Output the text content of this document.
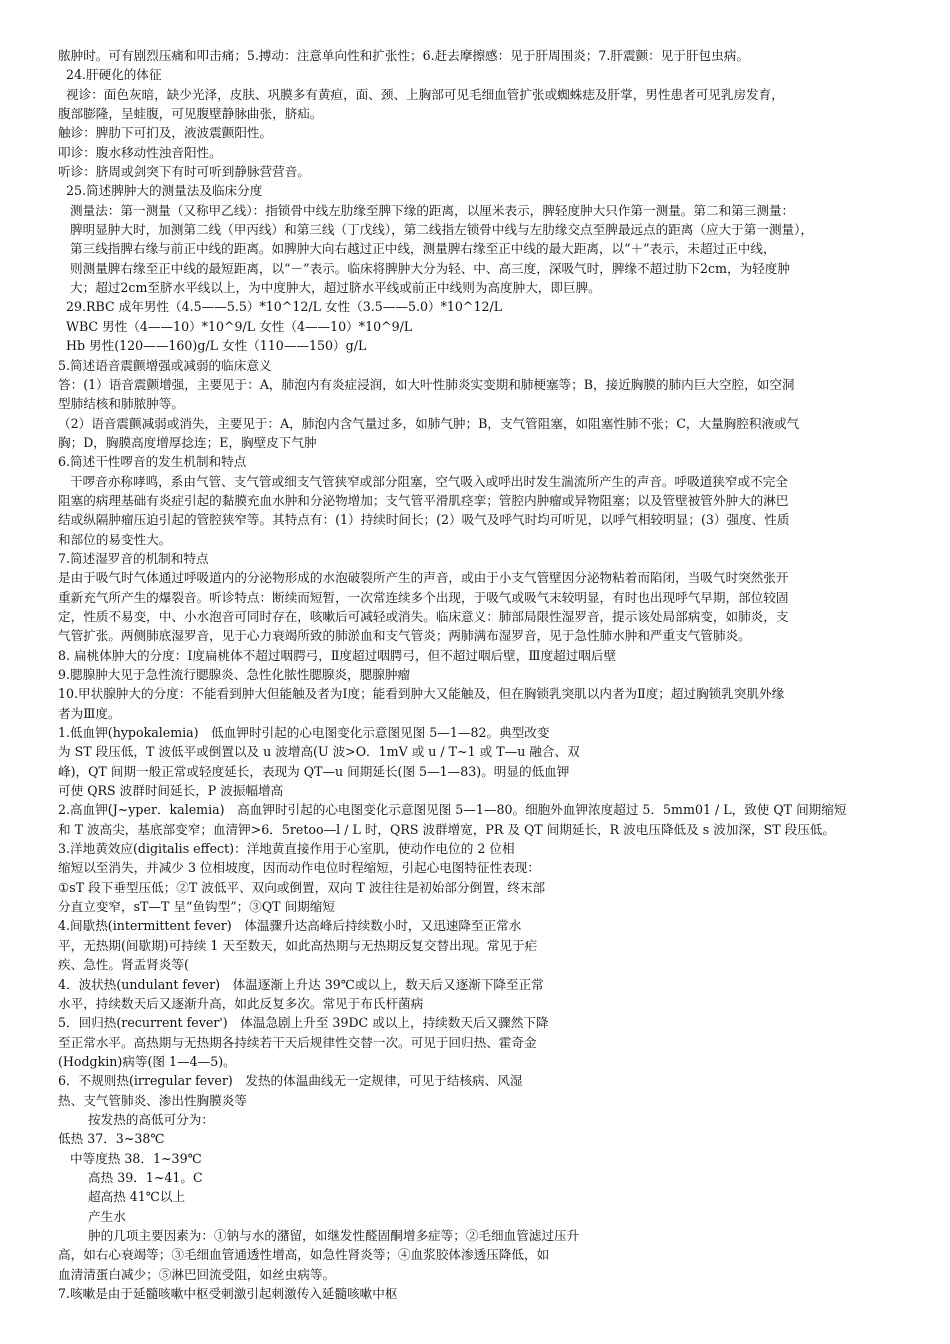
脓肿时。可有剧烈压痛和叩击痛；5.搏动：注意单向性和扩张性；6.赶去摩擦感：见于肝周围炎；7.肝震颤：见于肝包虫病。
24.肝硬化的体征
视诊：面色灰暗，缺少光泽，皮肤、巩膜多有黄疸，面、颈、上胸部可见毛细血管扩张或蜘蛛痣及肝掌，男性患者可见乳房发育，
腹部膨隆，呈蛙腹，可见腹壁静脉曲张，脐疝。
触诊：脾肋下可扪及，液波震颤阳性。
叩诊：腹水移动性浊音阳性。
听诊：脐周或剑突下有时可听到静脉营营音。
25.简述脾肿大的测量法及临床分度
测量法：第一测量（又称甲乙线）：指锁骨中线左肋缘至脾下缘的距离，以厘米表示，脾轻度肿大只作第一测量。第二和第三测量：
脾明显肿大时，加测第二线（甲丙线）和第三线（丁戊线），第二线指左锁骨中线与左肋缘交点至脾最远点的距离（应大于第一测量），
第三线指脾右缘与前正中线的距离。如脾肿大向右越过正中线，测量脾右缘至正中线的最大距离，以“＋”表示，未超过正中线，
则测量脾右缘至正中线的最短距离，以“－”表示。临床将脾肿大分为轻、中、高三度，深吸气时，脾缘不超过肋下2cm，为轻度肿
大；超过2cm至脐水平线以上，为中度肿大，超过脐水平线或前正中线则为高度肿大，即巨脾。
29.RBC 成年男性（4.5——5.5）*10^12/L 女性（3.5——5.0）*10^12/L
WBC 男性（4——10）*10^9/L 女性（4——10）*10^9/L
Hb 男性(120——160)g/L 女性（110——150）g/L
5.简述语音震颤增强或减弱的临床意义
答：(1）语音震颤增强，主要见于：A，肺泡内有炎症浸润，如大叶性肺炎实变期和肺梗塞等；B，接近胸膜的肺内巨大空腔，如空洞
型肺结核和肺脓肿等。
（2）语音震颤减弱或消失，主要见于：A，肺泡内含气量过多，如肺气肿；B，支气管阻塞，如阻塞性肺不张；C，大量胸腔积液或气
胸；D，胸膜高度增厚捻连；E，胸壁皮下气肿
6.简述干性啰音的发生机制和特点
干啰音亦称哮鸣，系由气管、支气管或细支气管狭窄或部分阻塞，空气吸入或呼出时发生湍流所产生的声音。呼吸道狭窄或不完全
阻塞的病理基础有炎症引起的黏膜充血水肿和分泌物增加；支气管平滑肌痉挛；管腔内肿瘤或异物阻塞；以及管壁被管外肿大的淋巴
结或纵隔肿瘤压迫引起的管腔狭窄等。其特点有：(1）持续时间长；(2）吸气及呼气时均可听见，以呼气相较明显；(3）强度、性质
和部位的易变性大。
7.简述湿罗音的机制和特点
是由于吸气时气体通过呼吸道内的分泌物形成的水泡破裂所产生的声音，或由于小支气管壁因分泌物粘着而陷闭，当吸气时突然张开
重新充气所产生的爆裂音。听诊特点：断续而短暂，一次常连续多个出现，于吸气或吸气末较明显，有时也出现呼气早期，部位较固
定，性质不易变，中、小水泡音可同时存在，咳嗽后可减轻或消失。临床意义：肺部局限性湿罗音，提示该处局部病变，如肺炎，支
气管扩张。两侧肺底湿罗音，见于心力衰竭所致的肺淤血和支气管炎；两肺满布湿罗音，见于急性肺水肿和严重支气管肺炎。
8. 扁桃体肿大的分度：Ⅰ度扁桃体不超过咽腭弓，Ⅱ度超过咽腭弓，但不超过咽后壁，Ⅲ度超过咽后壁
9.腮腺肿大见于急性流行腮腺炎、急性化脓性腮腺炎，腮腺肿瘤
10.甲状腺肿大的分度：不能看到肿大但能触及者为Ⅰ度；能看到肿大又能触及，但在胸锁乳突肌以内者为Ⅱ度；超过胸锁乳突肌外缘
者为Ⅲ度。
1.低血钾(hypokalemia)　低血钾时引起的心电图变化示意图见图 5—1—82。典型改变
为 ST 段压低，T 波低平或倒置以及 u 波增高(U 波>O．1mV 或 u / T~1 或 T—u 融合、双
峰)，QT 间期一般正常或轻度延长，表现为 QT—u 间期延长(图 5—1—83)。明显的低血钾
可使 QRS 波群时间延长，P 波振幅增高
2.高血钾(J~yper．kalemia)　高血钾时引起的心电图变化示意图见图 5—1—80。细胞外血钾浓度超过 5．5mm01 / L，致使 QT 间期缩短
和 T 波高尖，基底部变窄；血清钾>6．5retoo—l / L 时，QRS 波群增宽，PR 及 QT 间期延长，R 波电压降低及 s 波加深，ST 段压低。
3.洋地黄效应(digitalis effect)：洋地黄直接作用于心室肌，使动作电位的 2 位相
缩短以至消失，并减少 3 位相坡度，因而动作电位时程缩短，引起心电图特征性表现：
①sT 段下垂型压低；②T 波低平、双向或倒置，双向 T 波往往是初始部分倒置，终末部
分直立变窄，sT—T 呈“鱼钩型”；③QT 间期缩短
4.间歇热(intermittent fever)　体温骤升达高峰后持续数小时，又迅速降至正常水
平，无热期(间歇期)可持续 1 天至数天，如此高热期与无热期反复交替出现。常见于疟
疾、急性。肾盂肾炎等(
4．波状热(undulant fever)　体温逐渐上升达 39℃或以上，数天后又逐渐下降至正常
水平，持续数天后又逐渐升高，如此反复多次。常见于布氏杆菌病
5．回归热(recurrent fever')　体温急剧上升至 39DC 或以上，持续数天后又骤然下降
至正常水平。高热期与无热期各持续若干天后规律性交替一次。可见于回归热、霍奇金
(Hodgkin)病等(图 1—4—5)。
6．不规则热(irregular fever)　发热的体温曲线无一定规律，可见于结核病、风湿
热、支气管肺炎、渗出性胸膜炎等
按发热的高低可分为：
低热 37．3~38℃
中等度热 38．1~39℃
高热 39．1~41。C
超高热 41℃以上
产生水
肿的几项主要因素为：①钠与水的潴留，如继发性醛固酮增多症等；②毛细血管滤过压升
高，如右心衰竭等；③毛细血管通透性增高，如急性肾炎等；④血浆胶体渗透压降低，如
血清清蛋白减少；⑤淋巴回流受阻，如丝虫病等。
7.咳嗽是由于延髓咳嗽中枢受刺激引起刺激传入延髓咳嗽中枢
